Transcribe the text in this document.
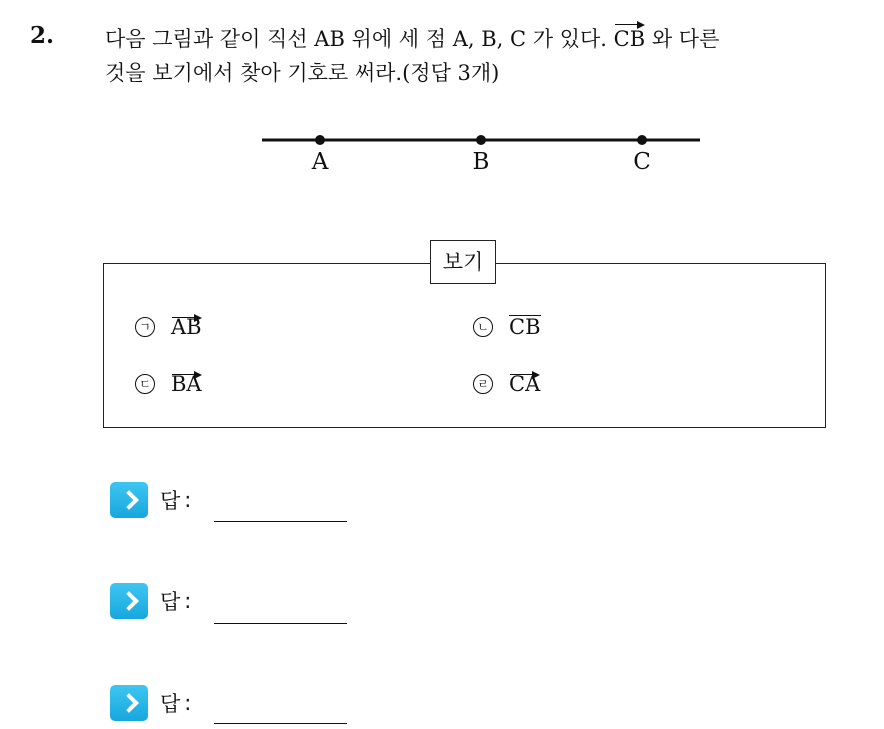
2. 다음 그림과 같이 직선 AB 위에 세 점 A, B, C 가 있다. CB 와 다른
것을 보기에서 찾아 기호로 써라.(정답 3개)
A	B	C
보기
ㄱ AB	ㄴ CB
ㄷ BA	ㄹ CA
답 :
답 :
답 :
